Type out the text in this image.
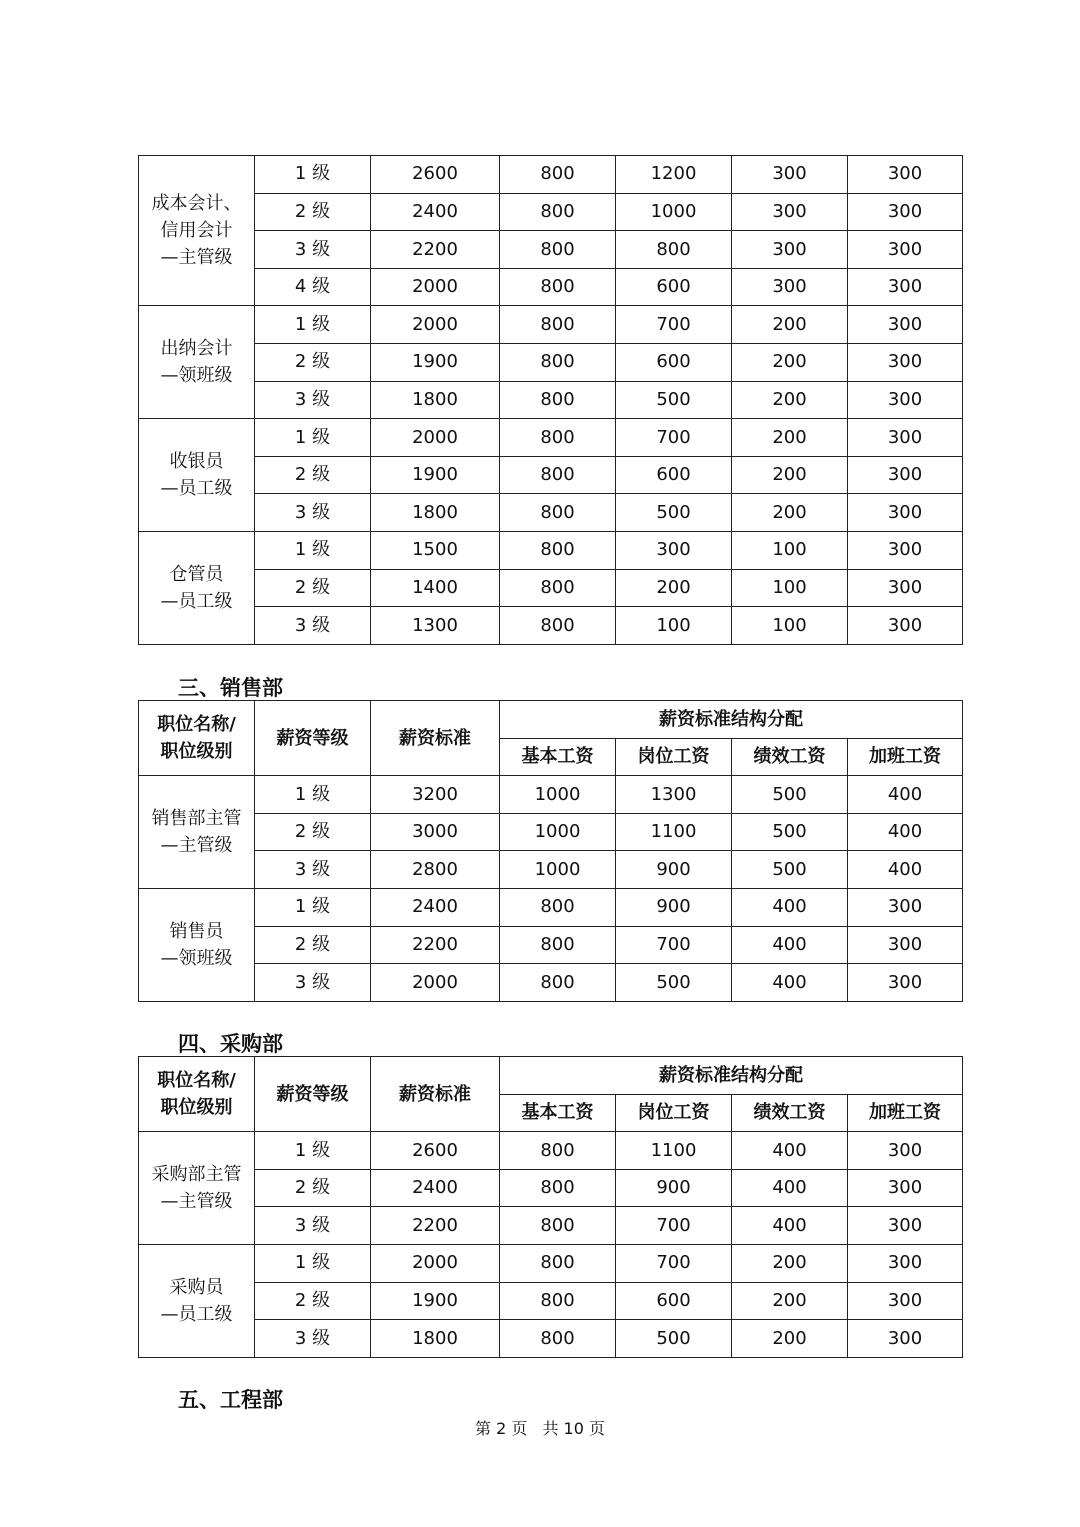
成本会计、
信用会计
—主管级	1 级	2600	800	1200	300	300
	2 级	2400	800	1000	300	300
	3 级	2200	800	800	300	300
	4 级	2000	800	600	300	300
出纳会计
—领班级	1 级	2000	800	700	200	300
	2 级	1900	800	600	200	300
	3 级	1800	800	500	200	300
收银员
—员工级	1 级	2000	800	700	200	300
	2 级	1900	800	600	200	300
	3 级	1800	800	500	200	300
仓管员
—员工级	1 级	1500	800	300	100	300
	2 级	1400	800	200	100	300
	3 级	1300	800	100	100	300
三、销售部
职位名称/
职位级别	薪资等级	薪资标准	薪资标准结构分配			
			基本工资	岗位工资	绩效工资	加班工资
销售部主管
—主管级	1 级	3200	1000	1300	500	400
	2 级	3000	1000	1100	500	400
	3 级	2800	1000	900	500	400
销售员
—领班级	1 级	2400	800	900	400	300
	2 级	2200	800	700	400	300
	3 级	2000	800	500	400	300
四、采购部
职位名称/
职位级别	薪资等级	薪资标准	薪资标准结构分配			
			基本工资	岗位工资	绩效工资	加班工资
采购部主管
—主管级	1 级	2600	800	1100	400	300
	2 级	2400	800	900	400	300
	3 级	2200	800	700	400	300
采购员
—员工级	1 级	2000	800	700	200	300
	2 级	1900	800	600	200	300
	3 级	1800	800	500	200	300
五、工程部
第 2 页 共 10 页
